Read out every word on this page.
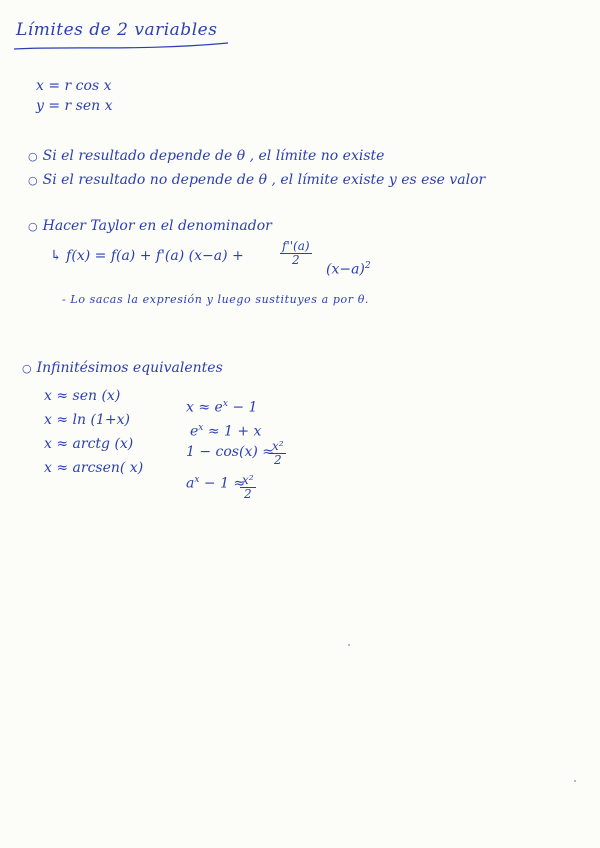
Límites de 2 variables
x = r cos x
y = r sen x
○ Si el resultado depende de θ , el límite no existe
○ Si el resultado no depende de θ , el límite existe y es ese valor
○ Hacer Taylor en el denominador
↳ f(x) = f(a) + f'(a) (x−a) +	$\frac{f''(a)}{2}$
$(x-a)^2$
- Lo sacas la expresión y luego sustituyes a por θ.
○ Infinitésimos equivalentes
x ≈ sen (x)
x ≈ ln (1+x)
x ≈ arctg (x)
x ≈ arcsen( x)
$x \approx e^x - 1$
$e^x \approx 1 + x$
1 − cos(x) ≈
$\frac{\text{x²}}{2}$
$a^x - 1$ ≈
$\frac{\text{x²}}{2}$
